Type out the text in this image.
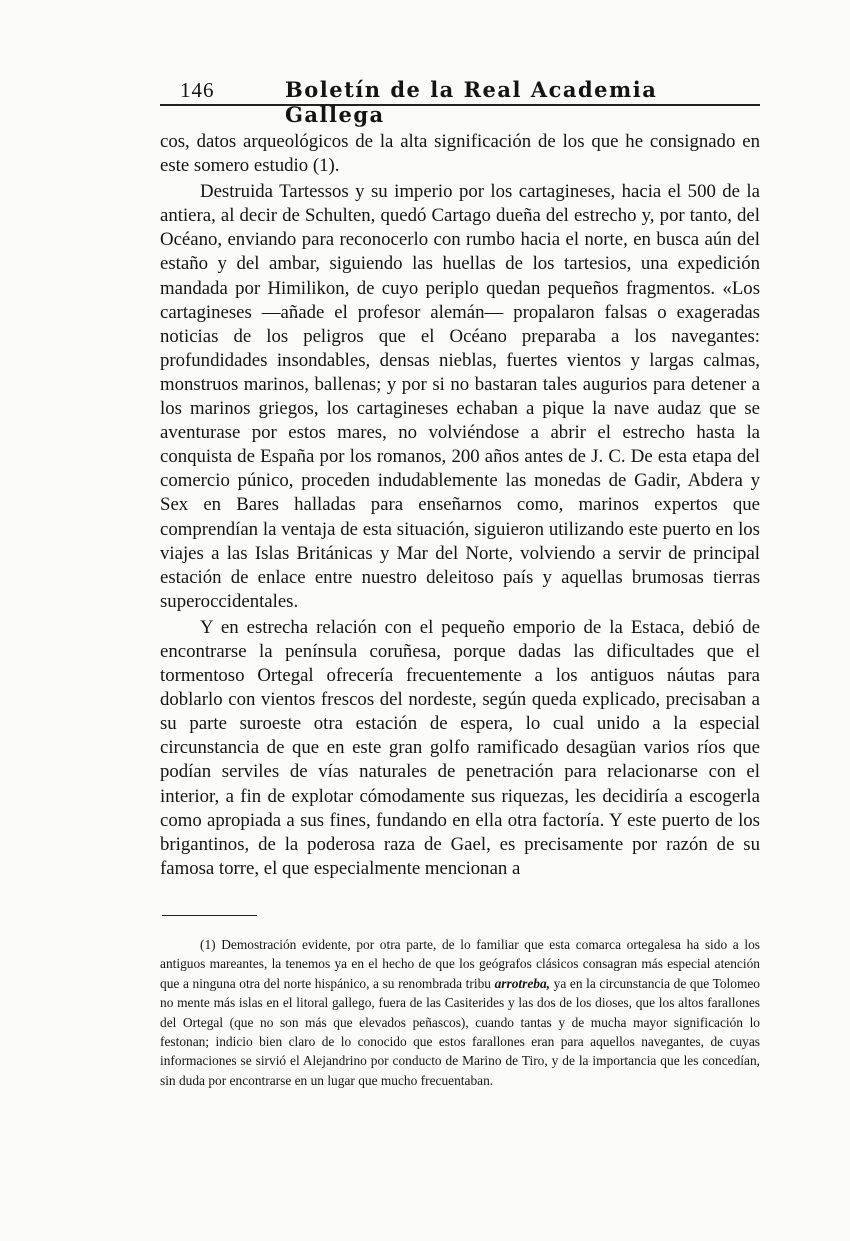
146	Boletín de la Real Academia Gallega

cos, datos arqueológicos de la alta significación de los que he consignado en este somero estudio (1).

Destruida Tartessos y su imperio por los cartagineses, hacia el 500 de la antiera, al decir de Schulten, quedó Cartago dueña del estrecho y, por tanto, del Océano, enviando para reconocerlo con rumbo hacia el norte, en busca aún del estaño y del ambar, siguiendo las huellas de los tartesios, una expedición mandada por Himilikon, de cuyo periplo quedan pequeños fragmentos. «Los cartagineses —añade el profesor alemán— propalaron falsas o exageradas noticias de los peligros que el Océano preparaba a los navegantes: profundidades insondables, densas nieblas, fuertes vientos y largas calmas, monstruos marinos, ballenas; y por si no bastaran tales augurios para detener a los marinos griegos, los cartagineses echaban a pique la nave audaz que se aventurase por estos mares, no volviéndose a abrir el estrecho hasta la conquista de España por los romanos, 200 años antes de J. C. De esta etapa del comercio púnico, proceden indudablemente las monedas de Gadir, Abdera y Sex en Bares halladas para enseñarnos como, marinos expertos que comprendían la ventaja de esta situación, siguieron utilizando este puerto en los viajes a las Islas Británicas y Mar del Norte, volviendo a servir de principal estación de enlace entre nuestro deleitoso país y aquellas brumosas tierras superoccidentales.

Y en estrecha relación con el pequeño emporio de la Estaca, debió de encontrarse la península coruñesa, porque dadas las dificultades que el tormentoso Ortegal ofrecería frecuentemente a los antiguos náutas para doblarlo con vientos frescos del nordeste, según queda explicado, precisaban a su parte suroeste otra estación de espera, lo cual unido a la especial circunstancia de que en este gran golfo ramificado desagüan varios ríos que podían serviles de vías naturales de penetración para relacionarse con el interior, a fin de explotar cómodamente sus riquezas, les decidiría a escogerla como apropiada a sus fines, fundando en ella otra factoría. Y este puerto de los brigantinos, de la poderosa raza de Gael, es precisamente por razón de su famosa torre, el que especialmente mencionan a

(1) Demostración evidente, por otra parte, de lo familiar que esta comarca ortegalesa ha sido a los antiguos mareantes, la tenemos ya en el hecho de que los geógrafos clásicos consagran más especial atención que a ninguna otra del norte hispánico, a su renombrada tribu arrotreba, ya en la circunstancia de que Tolomeo no mente más islas en el litoral gallego, fuera de las Casiterides y las dos de los dioses, que los altos farallones del Ortegal (que no son más que elevados peñascos), cuando tantas y de mucha mayor significación lo festonan; indicio bien claro de lo conocido que estos farallones eran para aquellos navegantes, de cuyas informaciones se sirvió el Alejandrino por conducto de Marino de Tiro, y de la importancia que les concedían, sin duda por encontrarse en un lugar que mucho frecuentaban.
